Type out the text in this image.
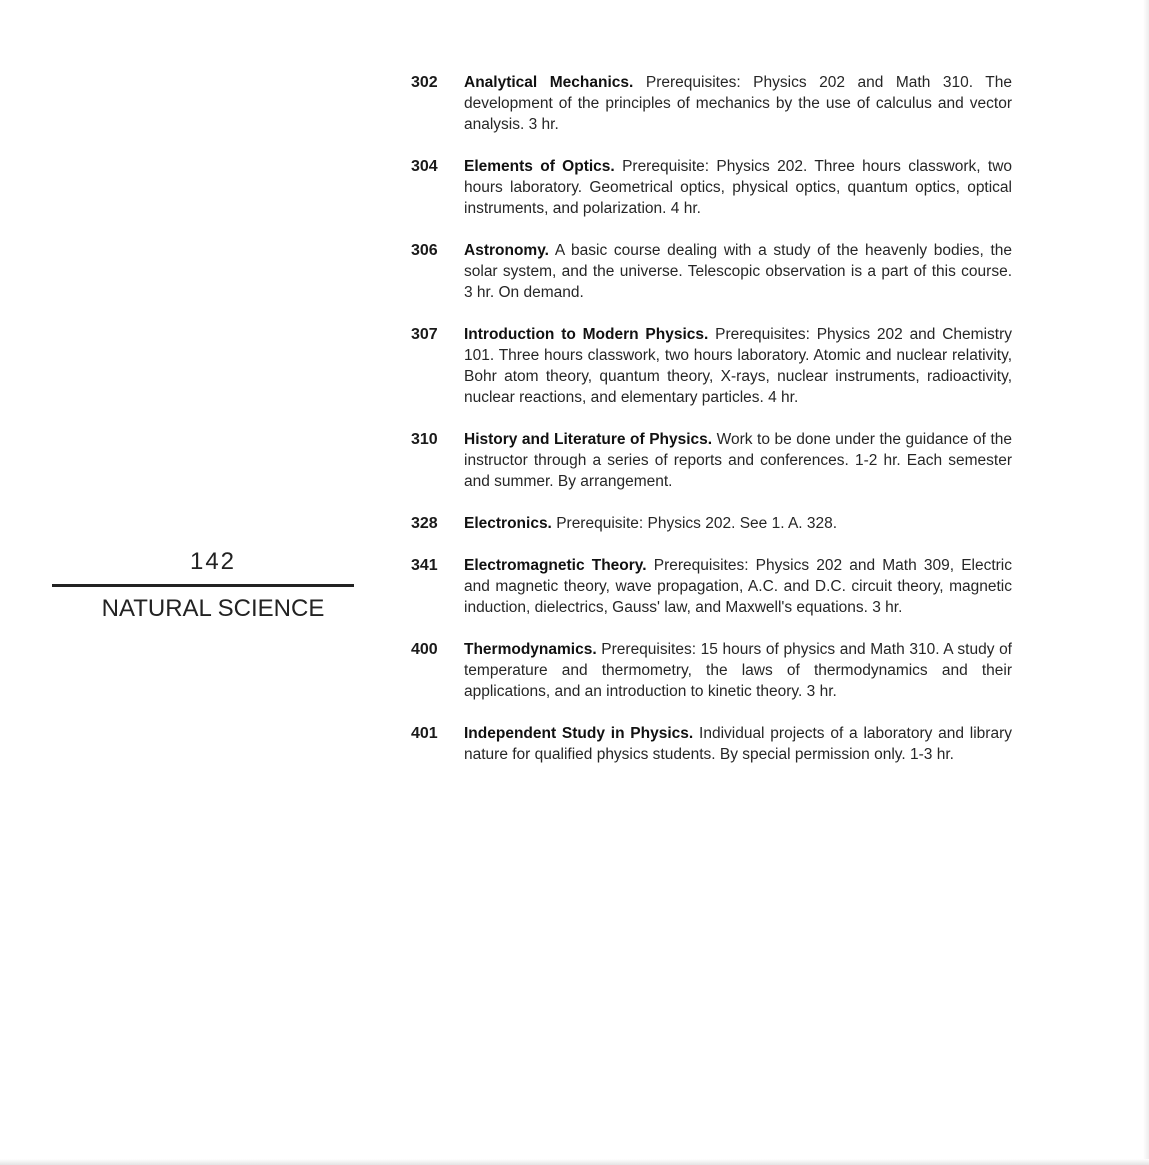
302	Analytical Mechanics. Prerequisites: Physics 202 and Math 310. The development of the principles of mechanics by the use of calculus and vector analysis. 3 hr.
304	Elements of Optics. Prerequisite: Physics 202. Three hours classwork, two hours laboratory. Geometrical optics, physical optics, quantum optics, optical instruments, and polarization. 4 hr.
306	Astronomy. A basic course dealing with a study of the heavenly bodies, the solar system, and the universe. Telescopic observation is a part of this course. 3 hr. On demand.
307	Introduction to Modern Physics. Prerequisites: Physics 202 and Chemistry 101. Three hours classwork, two hours laboratory. Atomic and nuclear relativity, Bohr atom theory, quantum theory, X-rays, nuclear instruments, radioactivity, nuclear reactions, and elementary particles. 4 hr.
310	History and Literature of Physics. Work to be done under the guidance of the instructor through a series of reports and conferences. 1-2 hr. Each semester and summer. By arrangement.
328	Electronics. Prerequisite: Physics 202. See 1. A. 328.
341	Electromagnetic Theory. Prerequisites: Physics 202 and Math 309, Electric and magnetic theory, wave propagation, A.C. and D.C. circuit theory, magnetic induction, dielectrics, Gauss' law, and Maxwell's equations. 3 hr.
400	Thermodynamics. Prerequisites: 15 hours of physics and Math 310. A study of temperature and thermometry, the laws of thermodynamics and their applications, and an introduction to kinetic theory. 3 hr.
401	Independent Study in Physics. Individual projects of a laboratory and library nature for qualified physics students. By special permission only. 1-3 hr.
142
NATURAL SCIENCE
